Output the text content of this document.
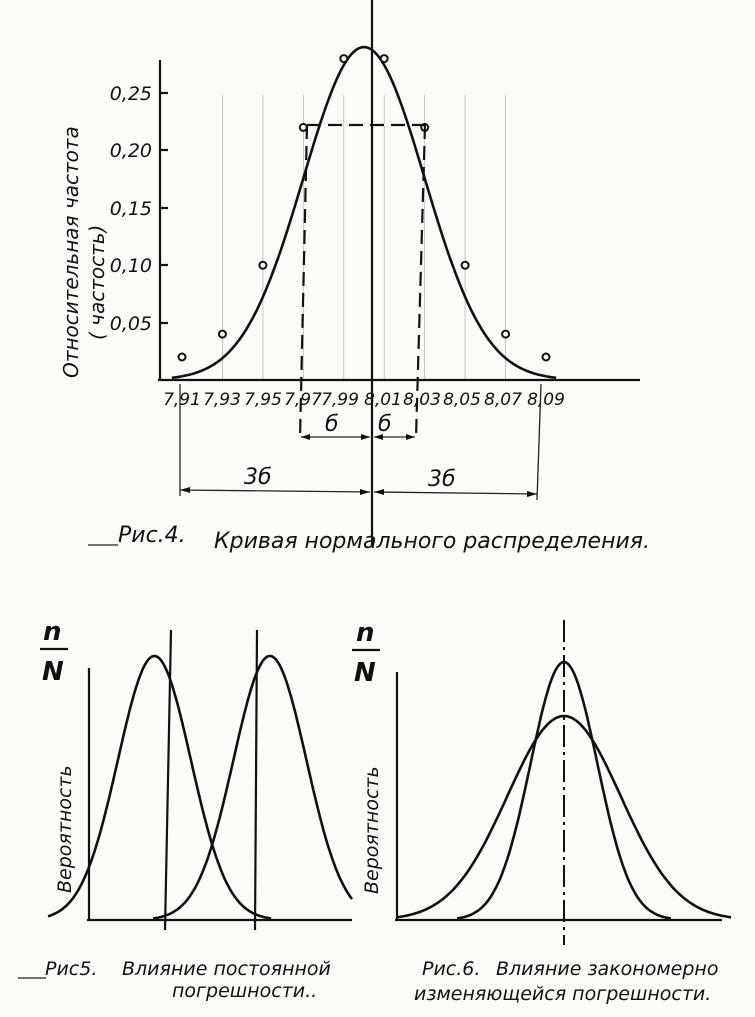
0,05
0,10
0,15
0,20
0,25
Относительная частота ( частость)
7,91 7,93 7,95 7,97 7,99 8,01 8,03 8,05 8,07 8,09
б б
3б	3б
Рис.4. Кривая нормального распределения.
n
N
Вероятность
Рис5. Влияние постоянной
погрешности..
n
N
Вероятность
Рис.6. Влияние закономерно
изменяющейся погрешности.
